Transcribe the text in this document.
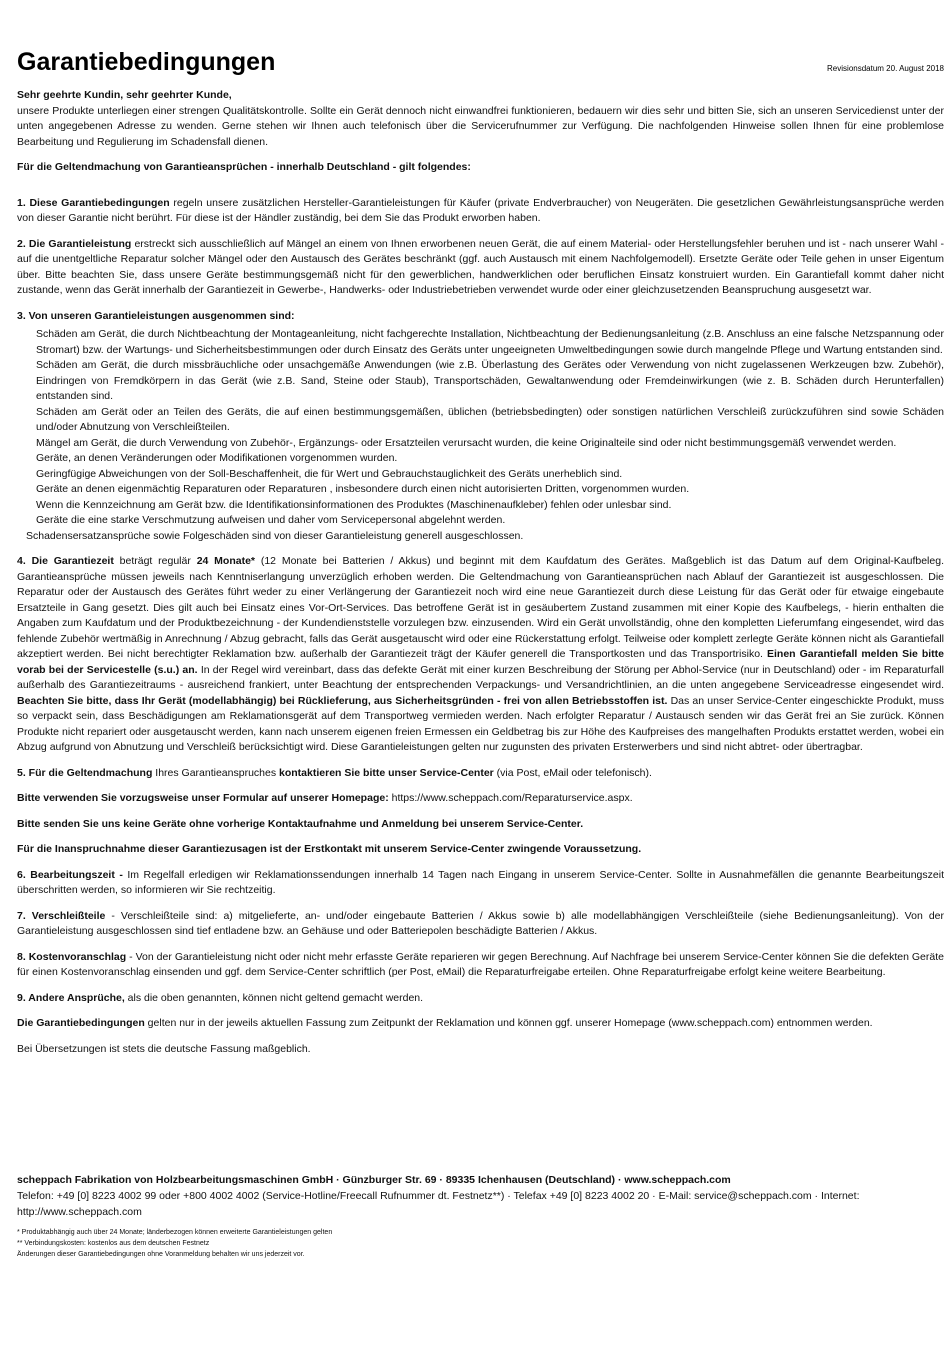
Garantiebedingungen	Revisionsdatum 20. August 2018

Sehr geehrte Kundin, sehr geehrter Kunde,
unsere Produkte unterliegen einer strengen Qualitätskontrolle. Sollte ein Gerät dennoch nicht einwandfrei funktionieren, bedauern wir dies sehr und bitten Sie, sich an unseren Servicedienst unter der unten angegebenen Adresse zu wenden. Gerne stehen wir Ihnen auch telefonisch über die Servicerufnummer zur Verfügung. Die nachfolgenden Hinweise sollen Ihnen für eine problemlose Bearbeitung und Regulierung im Schadensfall dienen.

Für die Geltendmachung von Garantieansprüchen - innerhalb Deutschland - gilt folgendes:

1. Diese Garantiebedingungen regeln unsere zusätzlichen Hersteller-Garantieleistungen für Käufer (private Endverbraucher) von Neugeräten. Die gesetzlichen Gewährleistungsansprüche werden von dieser Garantie nicht berührt. Für diese ist der Händler zuständig, bei dem Sie das Produkt erworben haben.

2. Die Garantieleistung erstreckt sich ausschließlich auf Mängel an einem von Ihnen erworbenen neuen Gerät, die auf einem Material- oder Herstellungsfehler beruhen und ist - nach unserer Wahl - auf die unentgeltliche Reparatur solcher Mängel oder den Austausch des Gerätes beschränkt (ggf. auch Austausch mit einem Nachfolgemodell). Ersetzte Geräte oder Teile gehen in unser Eigentum über. Bitte beachten Sie, dass unsere Geräte bestimmungsgemäß nicht für den gewerblichen, handwerklichen oder beruflichen Einsatz konstruiert wurden. Ein Garantiefall kommt daher nicht zustande, wenn das Gerät innerhalb der Garantiezeit in Gewerbe-, Handwerks- oder Industriebetrieben verwendet wurde oder einer gleichzusetzenden Beanspruchung ausgesetzt war.

3. Von unseren Garantieleistungen ausgenommen sind:

Schäden am Gerät, die durch Nichtbeachtung der Montageanleitung, nicht fachgerechte Installation, Nichtbeachtung der Bedienungsanleitung (z.B. Anschluss an eine falsche Netzspannung oder Stromart) bzw. der Wartungs- und Sicherheitsbestimmungen oder durch Einsatz des Geräts unter ungeeigneten Umweltbedingungen sowie durch mangelnde Pflege und Wartung entstanden sind.
Schäden am Gerät, die durch missbräuchliche oder unsachgemäße Anwendungen (wie z.B. Überlastung des Gerätes oder Verwendung von nicht zugelassenen Werkzeugen bzw. Zubehör), Eindringen von Fremdkörpern in das Gerät (wie z.B. Sand, Steine oder Staub), Transportschäden, Gewaltanwendung oder Fremdeinwirkungen (wie z. B. Schäden durch Herunterfallen) entstanden sind.
Schäden am Gerät oder an Teilen des Geräts, die auf einen bestimmungsgemäßen, üblichen (betriebsbedingten) oder sonstigen natürlichen Verschleiß zurückzuführen sind sowie Schäden und/oder Abnutzung von Verschleißteilen.
Mängel am Gerät, die durch Verwendung von Zubehör-, Ergänzungs- oder Ersatzteilen verursacht wurden, die keine Originalteile sind oder nicht bestimmungsgemäß verwendet werden.
Geräte, an denen Veränderungen oder Modifikationen vorgenommen wurden.
Geringfügige Abweichungen von der Soll-Beschaffenheit, die für Wert und Gebrauchstauglichkeit des Geräts unerheblich sind.
Geräte an denen eigenmächtig Reparaturen oder Reparaturen , insbesondere durch einen nicht autorisierten Dritten, vorgenommen wurden.
Wenn die Kennzeichnung am Gerät bzw. die Identifikationsinformationen des Produktes (Maschinenaufkleber) fehlen oder unlesbar sind.
Geräte die eine starke Verschmutzung aufweisen und daher vom Servicepersonal abgelehnt werden.
Schadensersatzansprüche sowie Folgeschäden sind von dieser Garantieleistung generell ausgeschlossen.

4. Die Garantiezeit beträgt regulär 24 Monate* (12 Monate bei Batterien / Akkus) und beginnt mit dem Kaufdatum des Gerätes. Maßgeblich ist das Datum auf dem Original-Kaufbeleg. Garantieansprüche müssen jeweils nach Kenntniserlangung unverzüglich erhoben werden. Die Geltendmachung von Garantieansprüchen nach Ablauf der Garantiezeit ist ausgeschlossen. Die Reparatur oder der Austausch des Gerätes führt weder zu einer Verlängerung der Garantiezeit noch wird eine neue Garantiezeit durch diese Leistung für das Gerät oder für etwaige eingebaute Ersatzteile in Gang gesetzt. Dies gilt auch bei Einsatz eines Vor-Ort-Services. Das betroffene Gerät ist in gesäubertem Zustand zusammen mit einer Kopie des Kaufbelegs, - hierin enthalten die Angaben zum Kaufdatum und der Produktbezeichnung - der Kundendienststelle vorzulegen bzw. einzusenden. Wird ein Gerät unvollständig, ohne den kompletten Lieferumfang eingesendet, wird das fehlende Zubehör wertmäßig in Anrechnung / Abzug gebracht, falls das Gerät ausgetauscht wird oder eine Rückerstattung erfolgt. Teilweise oder komplett zerlegte Geräte können nicht als Garantiefall akzeptiert werden. Bei nicht berechtigter Reklamation bzw. außerhalb der Garantiezeit trägt der Käufer generell die Transportkosten und das Transportrisiko. Einen Garantiefall melden Sie bitte vorab bei der Servicestelle (s.u.) an. In der Regel wird vereinbart, dass das defekte Gerät mit einer kurzen Beschreibung der Störung per Abhol-Service (nur in Deutschland) oder - im Reparaturfall außerhalb des Garantiezeitraums - ausreichend frankiert, unter Beachtung der entsprechenden Verpackungs- und Versandrichtlinien, an die unten angegebene Serviceadresse eingesendet wird. Beachten Sie bitte, dass Ihr Gerät (modellabhängig) bei Rücklieferung, aus Sicherheitsgründen - frei von allen Betriebsstoffen ist. Das an unser Service-Center eingeschickte Produkt, muss so verpackt sein, dass Beschädigungen am Reklamationsgerät auf dem Transportweg vermieden werden. Nach erfolgter Reparatur / Austausch senden wir das Gerät frei an Sie zurück. Können Produkte nicht repariert oder ausgetauscht werden, kann nach unserem eigenen freien Ermessen ein Geldbetrag bis zur Höhe des Kaufpreises des mangelhaften Produkts erstattet werden, wobei ein Abzug aufgrund von Abnutzung und Verschleiß berücksichtigt wird. Diese Garantieleistungen gelten nur zugunsten des privaten Ersterwerbers und sind nicht abtret- oder übertragbar.

5. Für die Geltendmachung Ihres Garantieanspruches kontaktieren Sie bitte unser Service-Center (via Post, eMail oder telefonisch).

Bitte verwenden Sie vorzugsweise unser Formular auf unserer Homepage: https://www.scheppach.com/Reparaturservice.aspx.

Bitte senden Sie uns keine Geräte ohne vorherige Kontaktaufnahme und Anmeldung bei unserem Service-Center.

Für die Inanspruchnahme dieser Garantiezusagen ist der Erstkontakt mit unserem Service-Center zwingende Voraussetzung.

6. Bearbeitungszeit - Im Regelfall erledigen wir Reklamationssendungen innerhalb 14 Tagen nach Eingang in unserem Service-Center. Sollte in Ausnahmefällen die genannte Bearbeitungszeit überschritten werden, so informieren wir Sie rechtzeitig.

7. Verschleißteile - Verschleißteile sind: a) mitgelieferte, an- und/oder eingebaute Batterien / Akkus sowie b) alle modellabhängigen Verschleißteile (siehe Bedienungsanleitung). Von der Garantieleistung ausgeschlossen sind tief entladene bzw. an Gehäuse und oder Batteriepolen beschädigte Batterien / Akkus.

8. Kostenvoranschlag - Von der Garantieleistung nicht oder nicht mehr erfasste Geräte reparieren wir gegen Berechnung. Auf Nachfrage bei unserem Service-Center können Sie die defekten Geräte für einen Kostenvoranschlag einsenden und ggf. dem Service-Center schriftlich (per Post, eMail) die Reparaturfreigabe erteilen. Ohne Reparaturfreigabe erfolgt keine weitere Bearbeitung.

9. Andere Ansprüche, als die oben genannten, können nicht geltend gemacht werden.

Die Garantiebedingungen gelten nur in der jeweils aktuellen Fassung zum Zeitpunkt der Reklamation und können ggf. unserer Homepage (www.scheppach.com) entnommen werden.

Bei Übersetzungen ist stets die deutsche Fassung maßgeblich.

scheppach Fabrikation von Holzbearbeitungsmaschinen GmbH · Günzburger Str. 69 · 89335 Ichenhausen (Deutschland) · www.scheppach.com
Telefon: +49 [0] 8223 4002 99 oder +800 4002 4002 (Service-Hotline/Freecall Rufnummer dt. Festnetz**) · Telefax +49 [0] 8223 4002 20 · E-Mail: service@scheppach.com · Internet: http://www.scheppach.com
* Produktabhängig auch über 24 Monate; länderbezogen können erweiterte Garantieleistungen gelten
** Verbindungskosten: kostenlos aus dem deutschen Festnetz
Änderungen dieser Garantiebedingungen ohne Voranmeldung behalten wir uns jederzeit vor.
